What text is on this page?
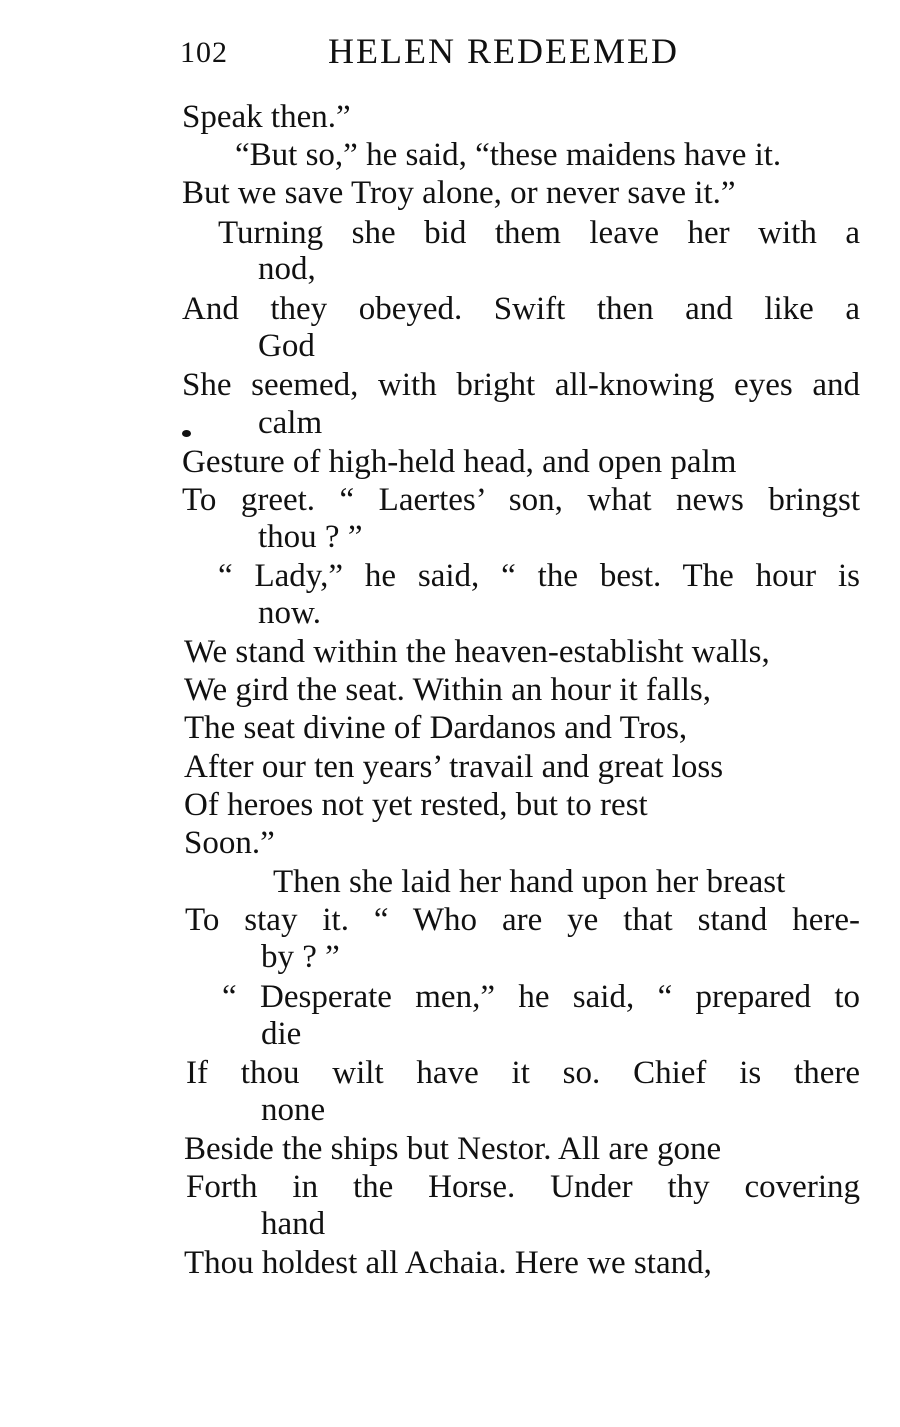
102	HELEN REDEEMED
Speak then.”
“But so,” he said, “these maidens have it.
But we save Troy alone, or never save it.”
Turning she bid them leave her with a
nod,
And they obeyed. Swift then and like a
God
She seemed, with bright all-knowing eyes and
calm
Gesture of high-held head, and open palm
To greet. “ Laertes’ son, what news bringst
thou ? ”
“ Lady,” he said, “ the best. The hour is
now.
We stand within the heaven-establisht walls,
We gird the seat. Within an hour it falls,
The seat divine of Dardanos and Tros,
After our ten years’ travail and great loss
Of heroes not yet rested, but to rest
Soon.”
Then she laid her hand upon her breast
To stay it. “ Who are ye that stand here-
by ? ”
“ Desperate men,” he said, “ prepared to
die
If thou wilt have it so. Chief is there
none
Beside the ships but Nestor. All are gone
Forth in the Horse. Under thy covering
hand
Thou holdest all Achaia. Here we stand,
